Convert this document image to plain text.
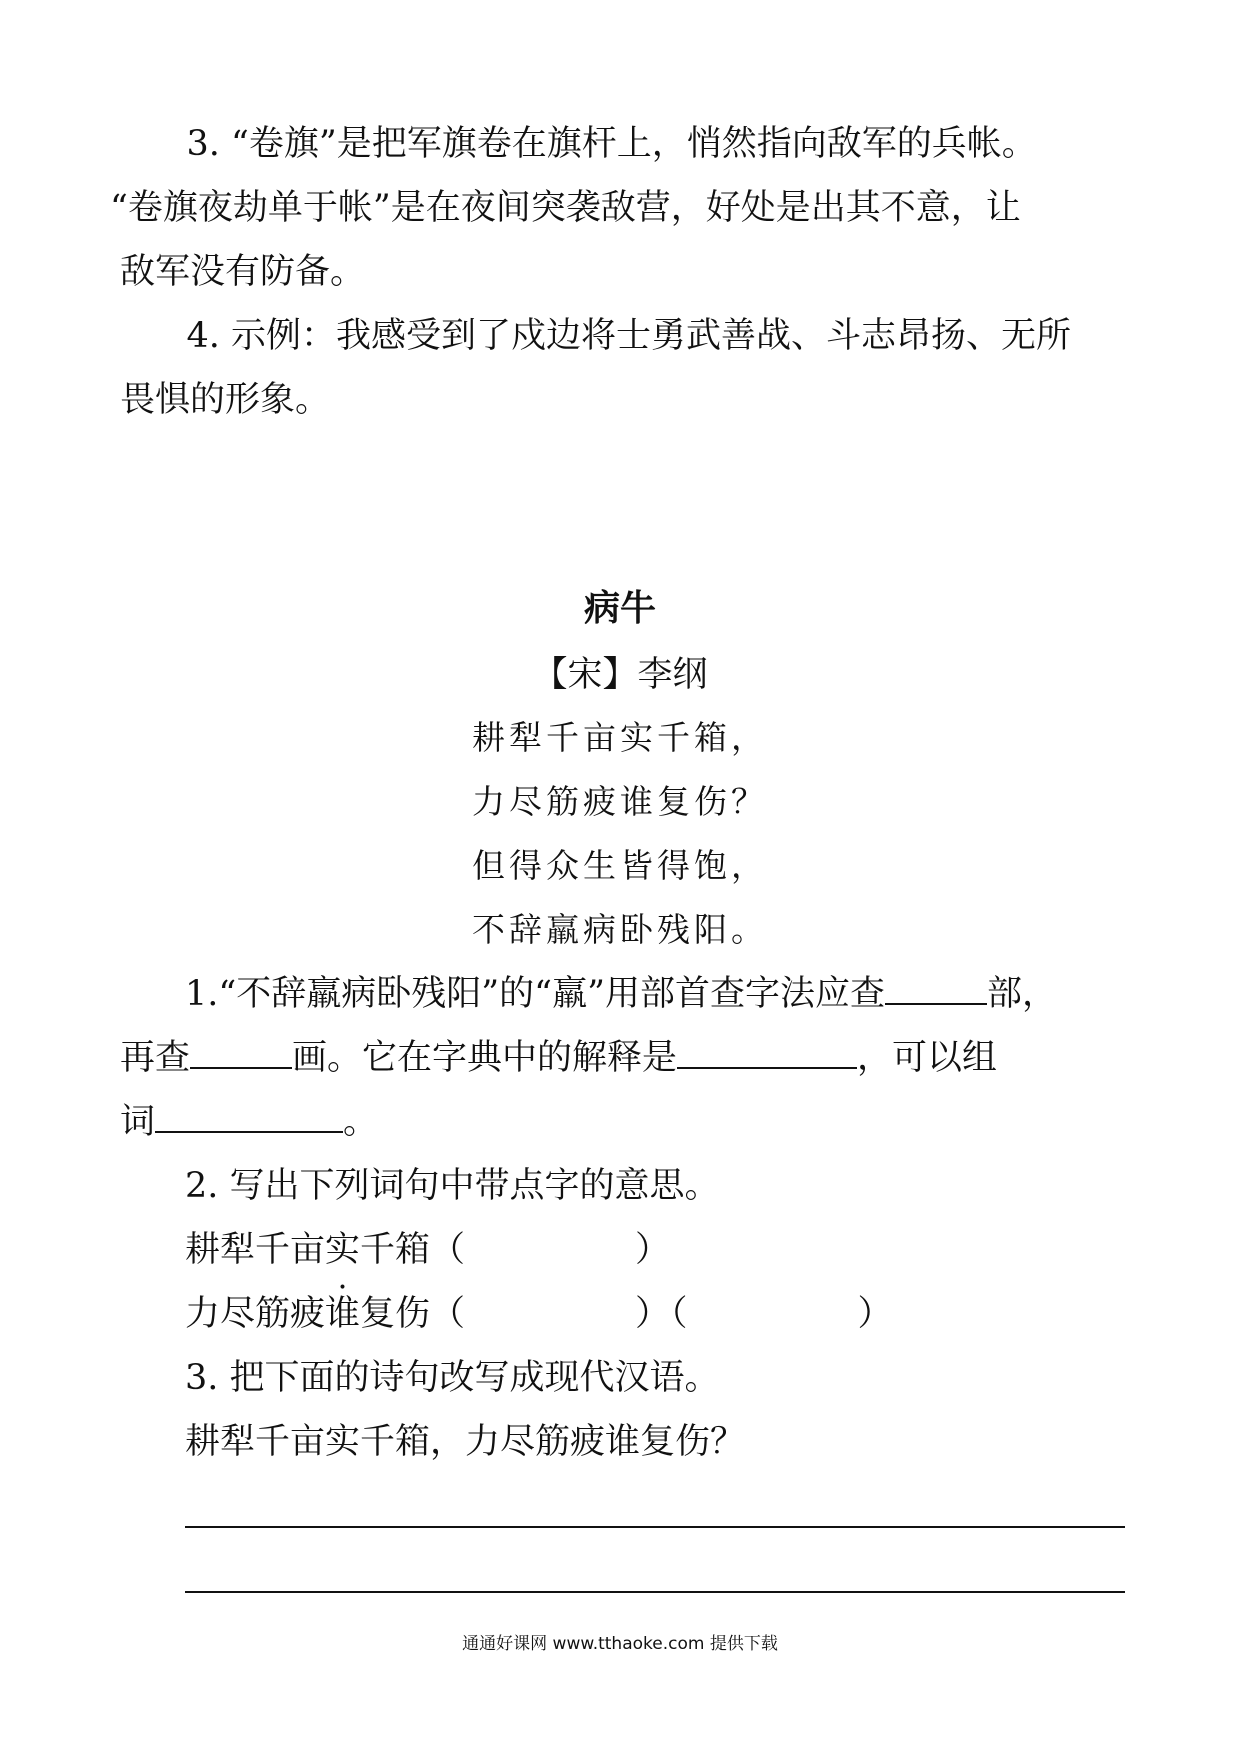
3. “卷旗”是把军旗卷在旗杆上，悄然指向敌军的兵帐。

“卷旗夜劫单于帐”是在夜间突袭敌营，好处是出其不意，让

敌军没有防备。

4. 示例：我感受到了戍边将士勇武善战、斗志昂扬、无所

畏惧的形象。

病牛
【宋】李纲
耕犁千亩实千箱，
力尽筋疲谁复伤？
但得众生皆得饱，
不辞羸病卧残阳。
1.“不辞羸病卧残阳”的“羸”用部首查字法应查	部，
再查	画。它在字典中的解释是	，可以组
词	。
2. 写出下列词句中带点字的意思。
耕犁千亩实千箱（	）
力尽筋疲谁复伤（	）（	）
3. 把下面的诗句改写成现代汉语。
耕犁千亩实千箱，力尽筋疲谁复伤？
通通好课网 www.tthaoke.com 提供下载
